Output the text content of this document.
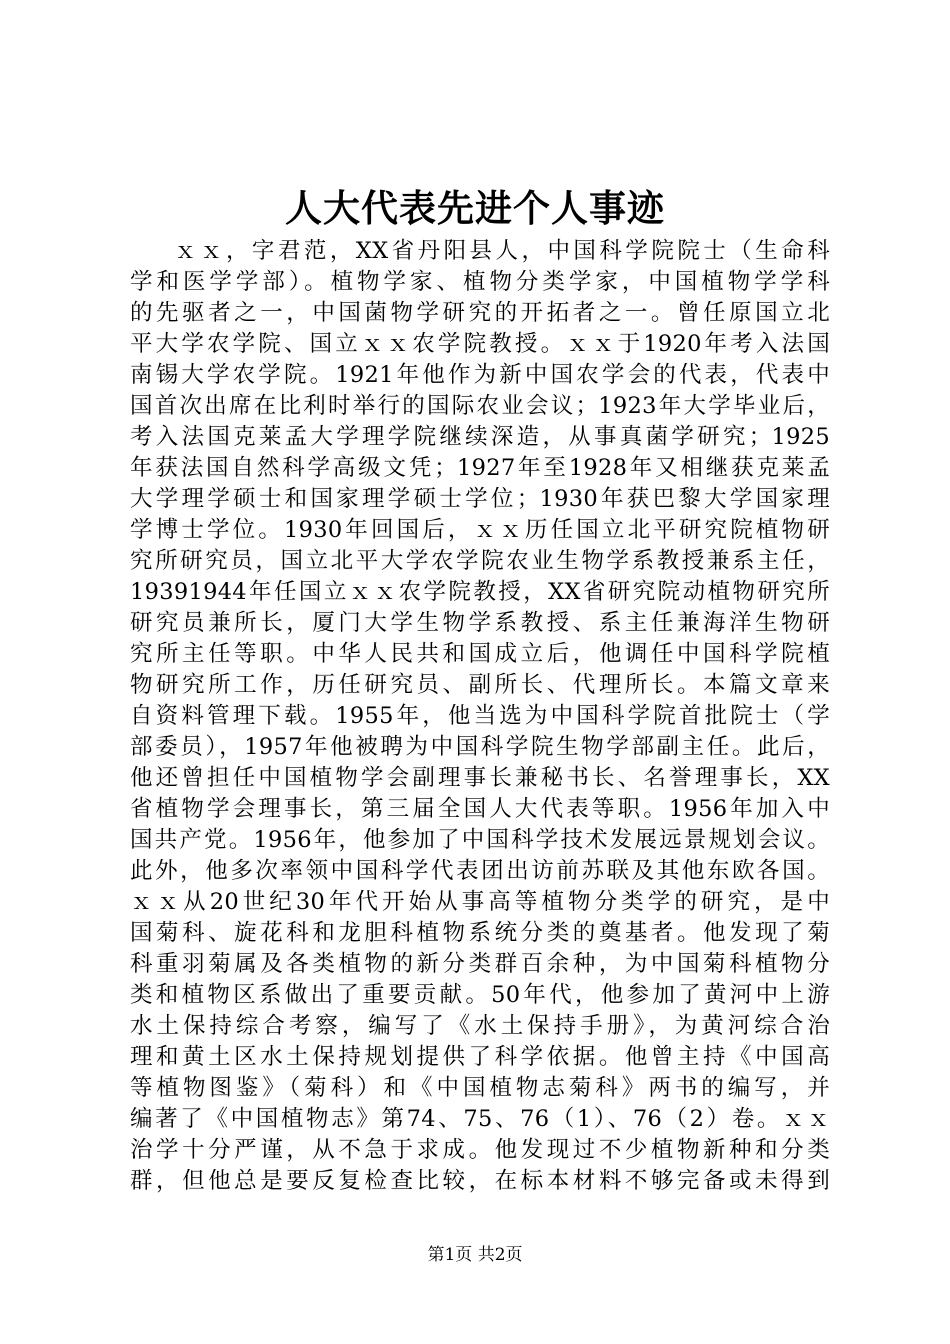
人大代表先进个人事迹
ｘｘ，字君范，XX省丹阳县人，中国科学院院士（生命科
学和医学学部）。植物学家、植物分类学家，中国植物学学科
的先驱者之一，中国菌物学研究的开拓者之一。曾任原国立北
平大学农学院、国立ｘｘ农学院教授。ｘｘ于1920年考入法国
南锡大学农学院。1921年他作为新中国农学会的代表，代表中
国首次出席在比利时举行的国际农业会议；1923年大学毕业后，
考入法国克莱孟大学理学院继续深造，从事真菌学研究；1925
年获法国自然科学高级文凭；1927年至1928年又相继获克莱孟
大学理学硕士和国家理学硕士学位；1930年获巴黎大学国家理
学博士学位。1930年回国后，ｘｘ历任国立北平研究院植物研
究所研究员，国立北平大学农学院农业生物学系教授兼系主任，
19391944年任国立ｘｘ农学院教授，XX省研究院动植物研究所
研究员兼所长，厦门大学生物学系教授、系主任兼海洋生物研
究所主任等职。中华人民共和国成立后，他调任中国科学院植
物研究所工作，历任研究员、副所长、代理所长。本篇文章来
自资料管理下载。1955年，他当选为中国科学院首批院士（学
部委员），1957年他被聘为中国科学院生物学部副主任。此后，
他还曾担任中国植物学会副理事长兼秘书长、名誉理事长，XX
省植物学会理事长，第三届全国人大代表等职。1956年加入中
国共产党。1956年，他参加了中国科学技术发展远景规划会议。
此外，他多次率领中国科学代表团出访前苏联及其他东欧各国。
ｘｘ从20世纪30年代开始从事高等植物分类学的研究，是中
国菊科、旋花科和龙胆科植物系统分类的奠基者。他发现了菊
科重羽菊属及各类植物的新分类群百余种，为中国菊科植物分
类和植物区系做出了重要贡献。50年代，他参加了黄河中上游
水土保持综合考察，编写了《水土保持手册》，为黄河综合治
理和黄土区水土保持规划提供了科学依据。他曾主持《中国高
等植物图鉴》（菊科）和《中国植物志菊科》两书的编写，并
编著了《中国植物志》第74、75、76（1）、76（2）卷。ｘｘ
治学十分严谨，从不急于求成。他发现过不少植物新种和分类
群，但他总是要反复检查比较，在标本材料不够完备或未得到
第1页 共2页
